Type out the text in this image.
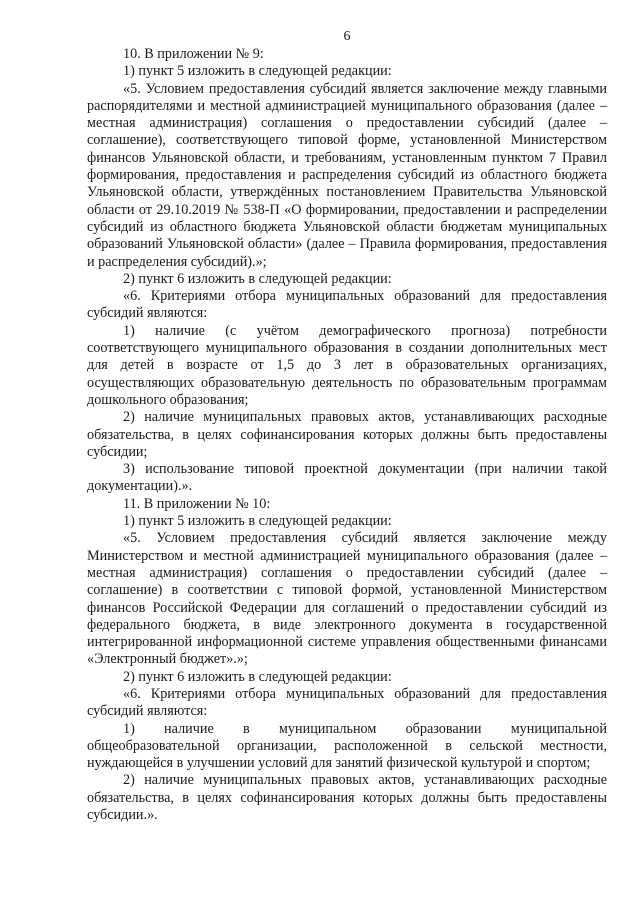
6

10. В приложении № 9:

1) пункт 5 изложить в следующей редакции:

«5. Условием предоставления субсидий является заключение между главными распорядителями и местной администрацией муниципального образования (далее – местная администрация) соглашения о предоставлении субсидий (далее – соглашение), соответствующего типовой форме, установленной Министерством финансов Ульяновской области, и требованиям, установленным пунктом 7 Правил формирования, предоставления и распределения субсидий из областного бюджета Ульяновской области, утверждённых постановлением Правительства Ульяновской области от 29.10.2019 № 538-П «О формировании, предоставлении и распределении субсидий из областного бюджета Ульяновской области бюджетам муниципальных образований Ульяновской области» (далее – Правила формирования, предоставления и распределения субсидий).»;

2) пункт 6 изложить в следующей редакции:

«6. Критериями отбора муниципальных образований для предоставления субсидий являются:

1) наличие (с учётом демографического прогноза) потребности соответствующего муниципального образования в создании дополнительных мест для детей в возрасте от 1,5 до 3 лет в образовательных организациях, осуществляющих образовательную деятельность по образовательным программам дошкольного образования;

2) наличие муниципальных правовых актов, устанавливающих расходные обязательства, в целях софинансирования которых должны быть предоставлены субсидии;

3) использование типовой проектной документации (при наличии такой документации).».

11. В приложении № 10:

1) пункт 5 изложить в следующей редакции:

«5. Условием предоставления субсидий является заключение между Министерством и местной администрацией муниципального образования (далее – местная администрация) соглашения о предоставлении субсидий (далее – соглашение) в соответствии с типовой формой, установленной Министерством финансов Российской Федерации для соглашений о предоставлении субсидий из федерального бюджета, в виде электронного документа в государственной интегрированной информационной системе управления общественными финансами «Электронный бюджет».»;

2) пункт 6 изложить в следующей редакции:

«6. Критериями отбора муниципальных образований для предоставления субсидий являются:

1) наличие в муниципальном образовании муниципальной общеобразовательной организации, расположенной в сельской местности, нуждающейся в улучшении условий для занятий физической культурой и спортом;

2) наличие муниципальных правовых актов, устанавливающих расходные обязательства, в целях софинансирования которых должны быть предоставлены субсидии.».
